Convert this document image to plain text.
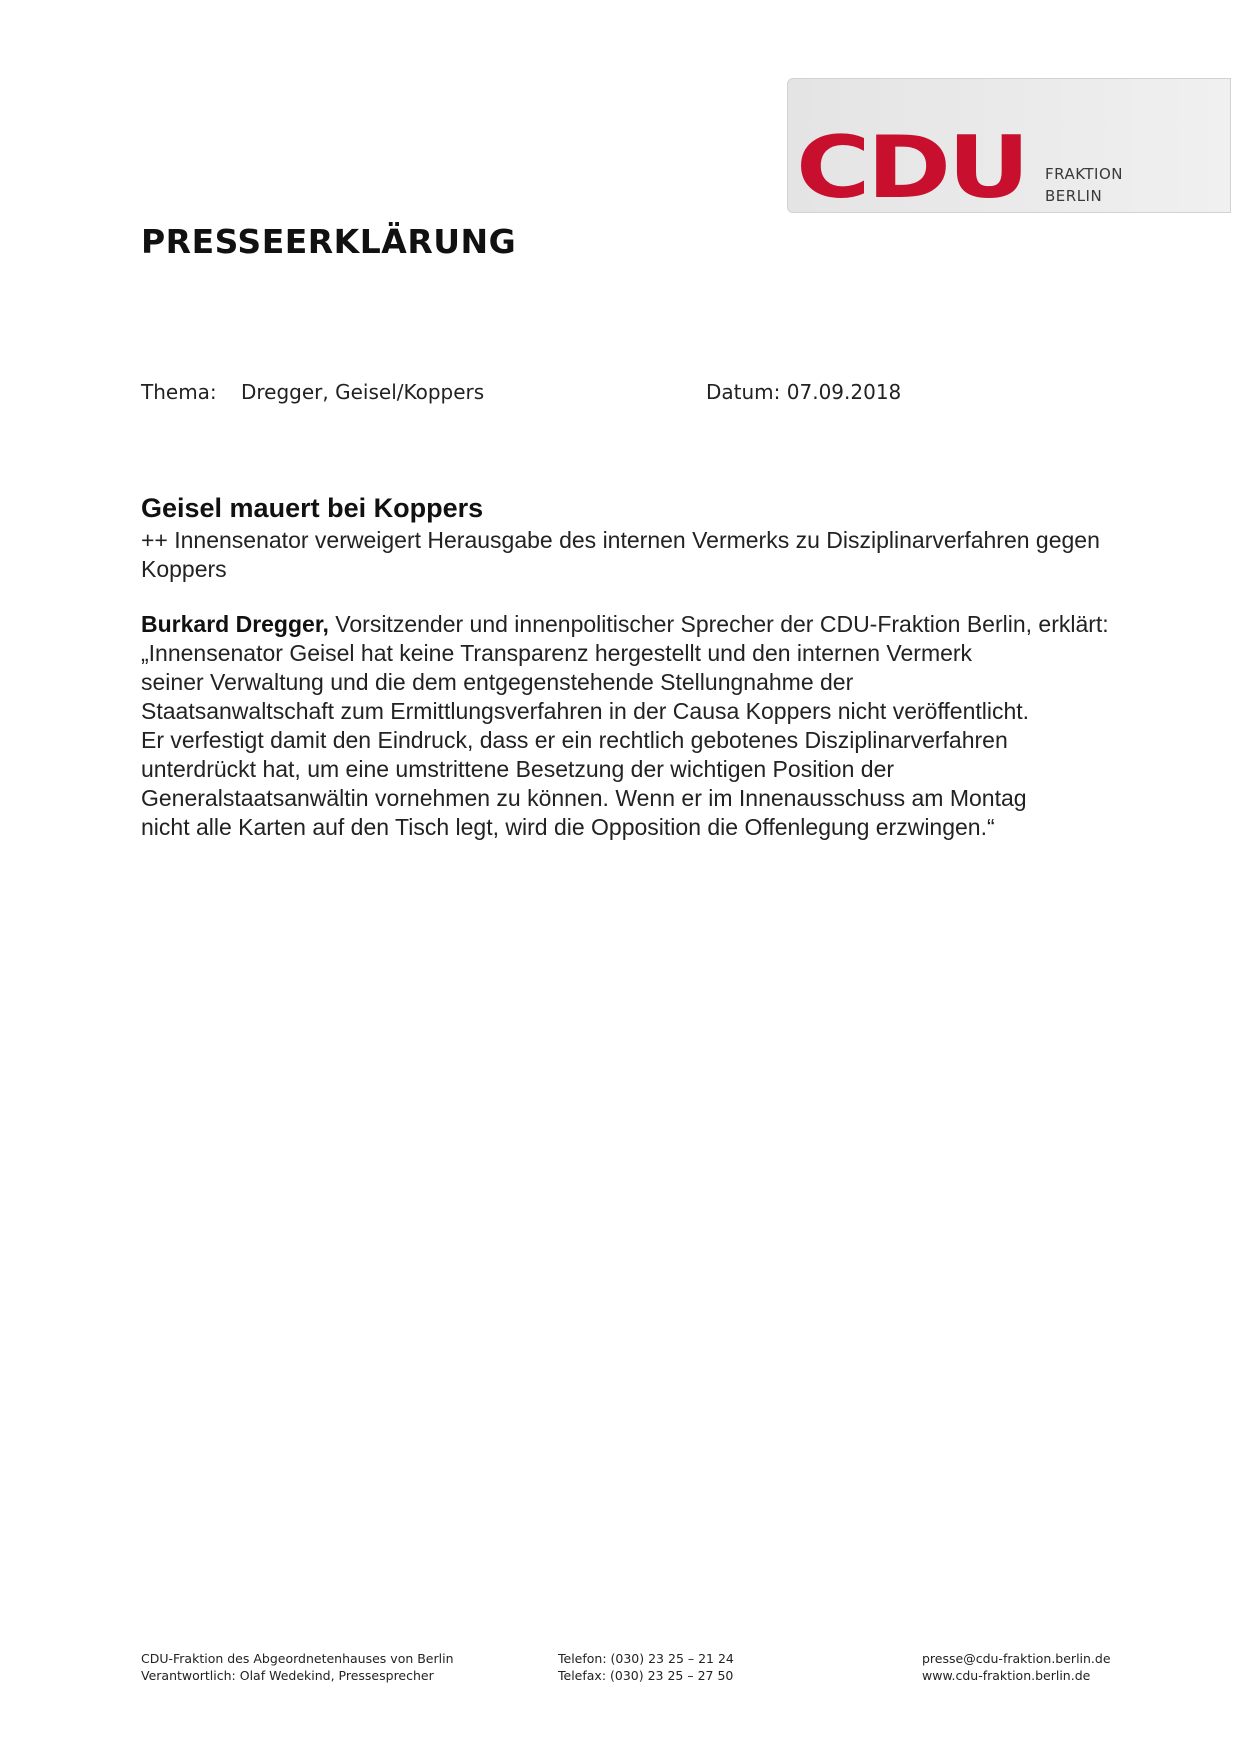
CDU FRAKTION
BERLIN
PRESSEERKLÄRUNG
Thema: Dregger, Geisel/Koppers	Datum: 07.09.2018
Geisel mauert bei Koppers

++ Innensenator verweigert Herausgabe des internen Vermerks zu Disziplinarverfahren gegen Koppers

Burkard Dregger, Vorsitzender und innenpolitischer Sprecher der CDU-Fraktion Berlin, erklärt:
„Innensenator Geisel hat keine Transparenz hergestellt und den internen Vermerk
seiner Verwaltung und die dem entgegenstehende Stellungnahme der
Staatsanwaltschaft zum Ermittlungsverfahren in der Causa Koppers nicht veröffentlicht.
Er verfestigt damit den Eindruck, dass er ein rechtlich gebotenes Disziplinarverfahren
unterdrückt hat, um eine umstrittene Besetzung der wichtigen Position der
Generalstaatsanwältin vornehmen zu können. Wenn er im Innenausschuss am Montag
nicht alle Karten auf den Tisch legt, wird die Opposition die Offenlegung erzwingen.“
CDU-Fraktion des Abgeordnetenhauses von Berlin
Verantwortlich: Olaf Wedekind, Pressesprecher
Telefon: (030) 23 25 – 21 24
Telefax: (030) 23 25 – 27 50
presse@cdu-fraktion.berlin.de
www.cdu-fraktion.berlin.de
